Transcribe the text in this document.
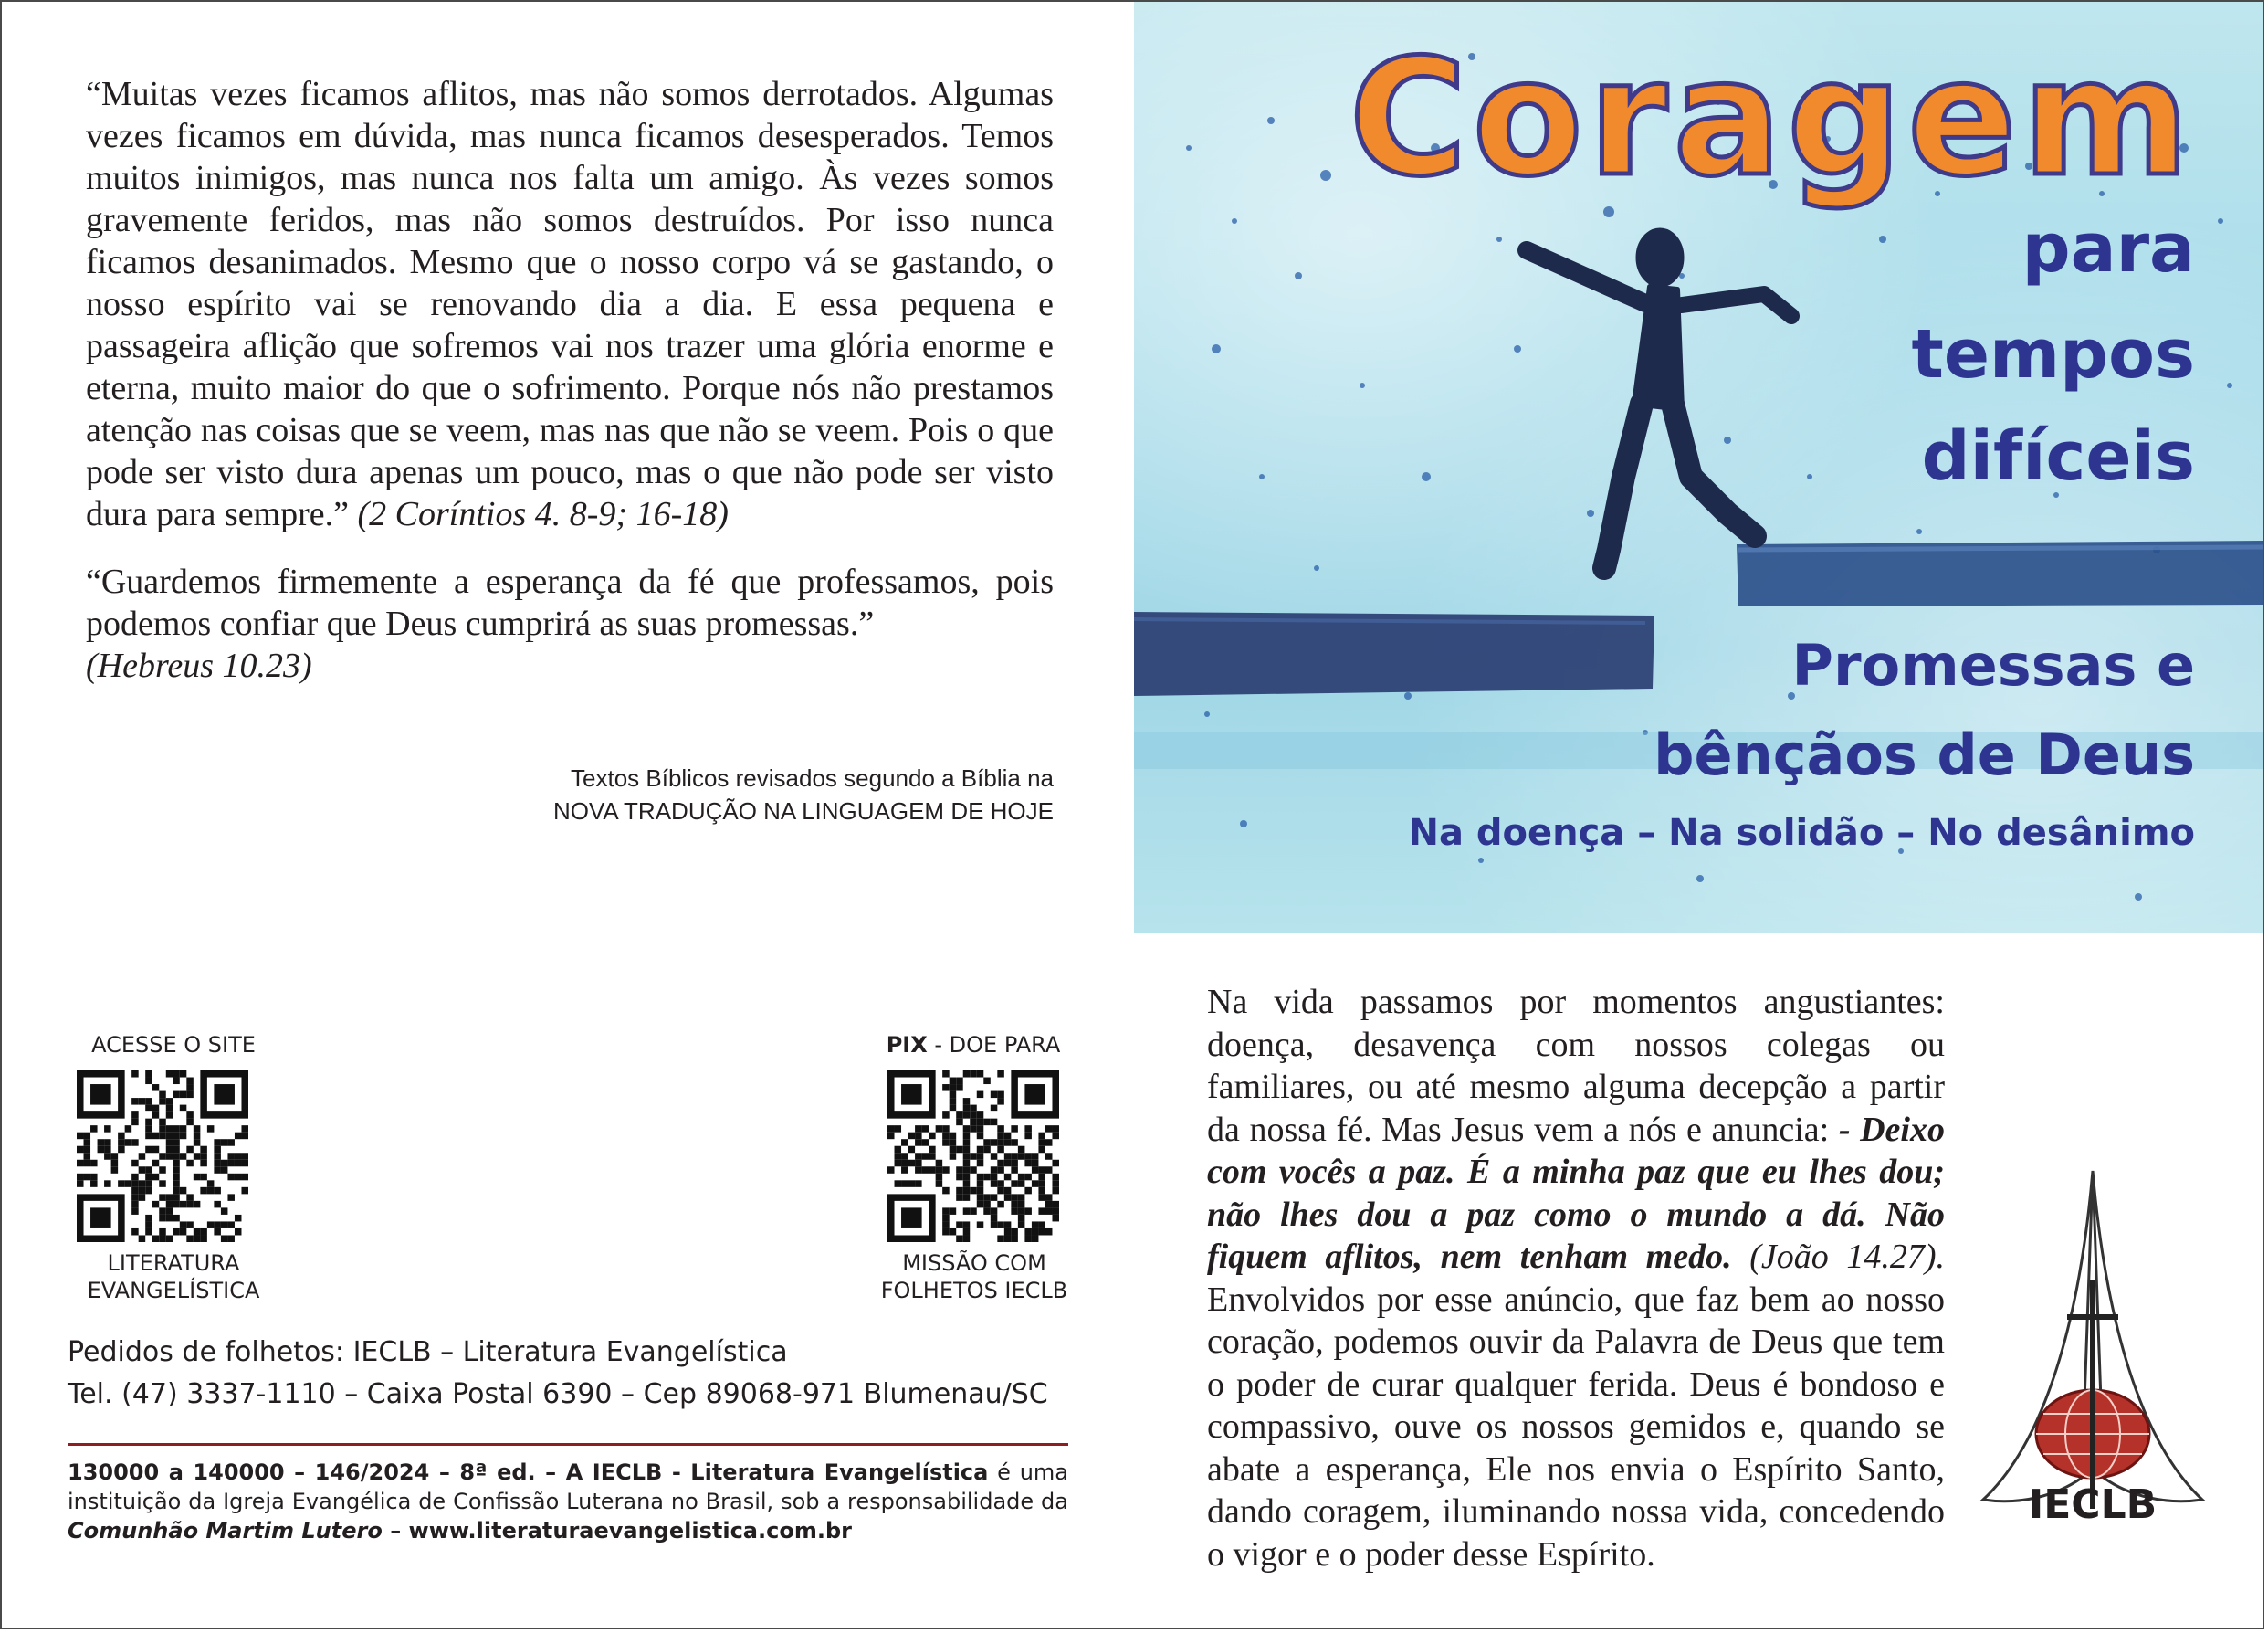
“Muitas vezes ficamos aflitos, mas não somos derrotados. Algumas vezes ficamos em dúvida, mas nunca ficamos desesperados. Temos muitos inimigos, mas nunca nos falta um amigo. Às vezes somos gravemente feridos, mas não somos destruídos. Por isso nunca ficamos desanimados. Mesmo que o nosso corpo vá se gastando, o nosso espírito vai se renovando dia a dia. E essa pequena e passageira aflição que sofremos vai nos trazer uma glória enorme e eterna, muito maior do que o sofrimento. Porque nós não prestamos atenção nas coisas que se veem, mas nas que não se veem. Pois o que pode ser visto dura apenas um pouco, mas o que não pode ser visto dura para sempre.” (2 Coríntios 4. 8-9; 16-18)

“Guardemos firmemente a esperança da fé que professamos, pois podemos confiar que Deus cumprirá as suas promessas.”
(Hebreus 10.23)

Textos Bíblicos revisados segundo a Bíblia na
NOVA TRADUÇÃO NA LINGUAGEM DE HOJE
Coragem
para
tempos
difíceis
Promessas e
bênçãos de Deus
Na doença – Na solidão – No desânimo
ACESSE O SITE
LITERATURA
EVANGELÍSTICA
PIX - DOE PARA
MISSÃO COM
FOLHETOS IECLB
Pedidos de folhetos: IECLB – Literatura Evangelística
Tel. (47) 3337-1110 – Caixa Postal 6390 – Cep 89068-971 Blumenau/SC
130000 a 140000 – 146/2024 – 8ª ed. – A IECLB - Literatura Evangelística é uma instituição da Igreja Evangélica de Confissão Luterana no Brasil, sob a responsabilidade da Comunhão Martim Lutero – www.literaturaevangelistica.com.br
Na vida passamos por momentos angustiantes: doença, desavença com nossos colegas ou familiares, ou até mesmo alguma decepção a partir da nossa fé. Mas Jesus vem a nós e anuncia: - Deixo com vocês a paz. É a minha paz que eu lhes dou; não lhes dou a paz como o mundo a dá. Não fiquem aflitos, nem tenham medo. (João 14.27). Envolvidos por esse anúncio, que faz bem ao nosso coração, podemos ouvir da Palavra de Deus que tem o poder de curar qualquer ferida. Deus é bondoso e compassivo, ouve os nossos gemidos e, quando se abate a esperança, Ele nos envia o Espírito Santo, dando coragem, iluminando nossa vida, concedendo o vigor e o poder desse Espírito.
IECLB
